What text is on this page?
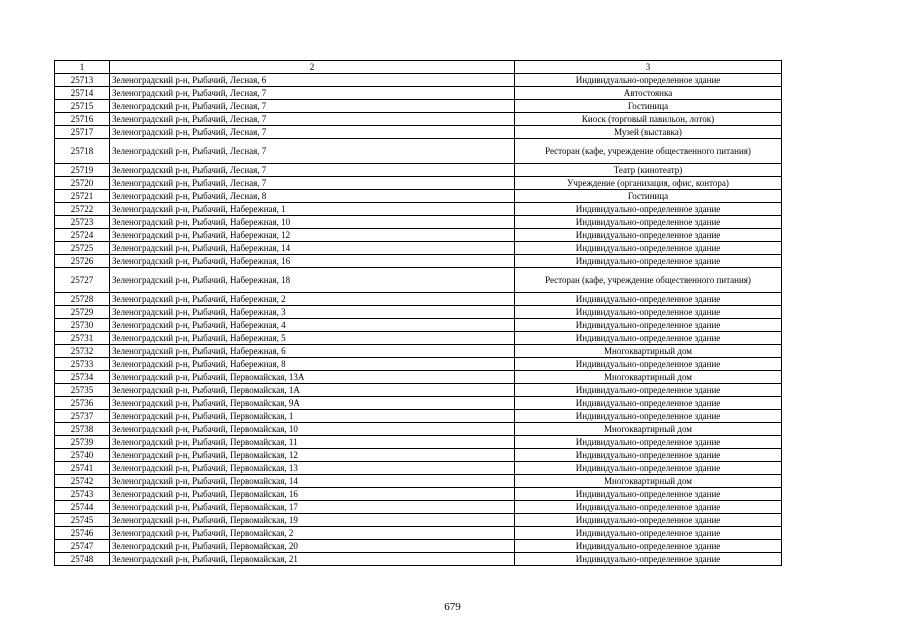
1	2	3
25713	Зеленоградский р-н, Рыбачий, Лесная, 6	Индивидуально-определенное здание
25714	Зеленоградский р-н, Рыбачий, Лесная, 7	Автостоянка
25715	Зеленоградский р-н, Рыбачий, Лесная, 7	Гостиница
25716	Зеленоградский р-н, Рыбачий, Лесная, 7	Киоск (торговый павильон, лоток)
25717	Зеленоградский р-н, Рыбачий, Лесная, 7	Музей (выставка)
25718	Зеленоградский р-н, Рыбачий, Лесная, 7	Ресторан (кафе, учреждение общественного питания)
25719	Зеленоградский р-н, Рыбачий, Лесная, 7	Театр (кинотеатр)
25720	Зеленоградский р-н, Рыбачий, Лесная, 7	Учреждение (организация, офис, контора)
25721	Зеленоградский р-н, Рыбачий, Лесная, 8	Гостиница
25722	Зеленоградский р-н, Рыбачий, Набережная, 1	Индивидуально-определенное здание
25723	Зеленоградский р-н, Рыбачий, Набережная, 10	Индивидуально-определенное здание
25724	Зеленоградский р-н, Рыбачий, Набережная, 12	Индивидуально-определенное здание
25725	Зеленоградский р-н, Рыбачий, Набережная, 14	Индивидуально-определенное здание
25726	Зеленоградский р-н, Рыбачий, Набережная, 16	Индивидуально-определенное здание
25727	Зеленоградский р-н, Рыбачий, Набережная, 18	Ресторан (кафе, учреждение общественного питания)
25728	Зеленоградский р-н, Рыбачий, Набережная, 2	Индивидуально-определенное здание
25729	Зеленоградский р-н, Рыбачий, Набережная, 3	Индивидуально-определенное здание
25730	Зеленоградский р-н, Рыбачий, Набережная, 4	Индивидуально-определенное здание
25731	Зеленоградский р-н, Рыбачий, Набережная, 5	Индивидуально-определенное здание
25732	Зеленоградский р-н, Рыбачий, Набережная, 6	Многоквартирный дом
25733	Зеленоградский р-н, Рыбачий, Набережная, 8	Индивидуально-определенное здание
25734	Зеленоградский р-н, Рыбачий, Первомайская, 13А	Многоквартирный дом
25735	Зеленоградский р-н, Рыбачий, Первомайская, 1А	Индивидуально-определенное здание
25736	Зеленоградский р-н, Рыбачий, Первомайская, 9А	Индивидуально-определенное здание
25737	Зеленоградский р-н, Рыбачий, Первомайская, 1	Индивидуально-определенное здание
25738	Зеленоградский р-н, Рыбачий, Первомайская, 10	Многоквартирный дом
25739	Зеленоградский р-н, Рыбачий, Первомайская, 11	Индивидуально-определенное здание
25740	Зеленоградский р-н, Рыбачий, Первомайская, 12	Индивидуально-определенное здание
25741	Зеленоградский р-н, Рыбачий, Первомайская, 13	Индивидуально-определенное здание
25742	Зеленоградский р-н, Рыбачий, Первомайская, 14	Многоквартирный дом
25743	Зеленоградский р-н, Рыбачий, Первомайская, 16	Индивидуально-определенное здание
25744	Зеленоградский р-н, Рыбачий, Первомайская, 17	Индивидуально-определенное здание
25745	Зеленоградский р-н, Рыбачий, Первомайская, 19	Индивидуально-определенное здание
25746	Зеленоградский р-н, Рыбачий, Первомайская, 2	Индивидуально-определенное здание
25747	Зеленоградский р-н, Рыбачий, Первомайская, 20	Индивидуально-определенное здание
25748	Зеленоградский р-н, Рыбачий, Первомайская, 21	Индивидуально-определенное здание
679
